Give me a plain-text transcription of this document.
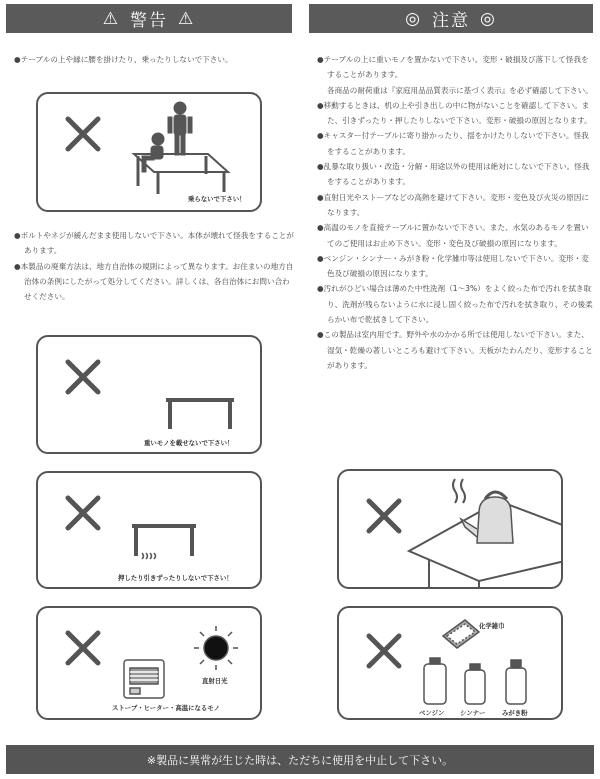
⚠ 警告 ⚠	◎ 注意 ◎

●テーブルの上や縁に腰を掛けたり、乗ったりしないで下さい。

乗らないで下さい！

●ボルトやネジが緩んだまま使用しないで下さい。本体が壊れて怪我をすることがあります。

●本製品の廃棄方法は、地方自治体の規則によって異なります。お住まいの地方自治体の条例にしたがって処分してください。詳しくは、各自治体にお問い合わせください。

重いモノを載せないで下さい！
押したり引きずったりしないで下さい！
直射日光
ストーブ・ヒーター・高温になるモノ

●テーブルの上に重いモノを置かないで下さい。変形・破損及び落下して怪我をすることがあります。

各商品の耐荷重は『家庭用品品質表示に基づく表示』を必ず確認して下さい。

●移動するときは、机の上や引き出しの中に物がないことを確認して下さい。また、引きずったり・押したりしないで下さい。変形・破損の原因となります。

●キャスター付テーブルに寄り掛かったり、揺をかけたりしないで下さい。怪我をすることがあります。

●乱暴な取り扱い・改造・分解・用途以外の使用は絶対にしないで下さい。怪我をすることがあります。

●直射日光やストーブなどの高熱を避けて下さい。変形・変色及び火災の原因になります。

●高温のモノを直接テーブルに置かないで下さい。また、水気のあるモノを置いてのご使用はお止め下さい。変形・変色及び破損の原因になります。

●ベンジン・シンナー・みがき粉・化学雑巾等は使用しないで下さい。変形・変色及び破損の原因になります。

●汚れがひどい場合は薄めた中性洗剤（1～3%）をよく絞った布で汚れを拭き取り、洗剤が残らないように水に浸し固く絞った布で汚れを拭き取り、その後柔らかい布で乾拭きして下さい。

●この製品は室内用です。野外や水のかかる所では使用しないで下さい。また、湿気・乾燥の著しいところも避けて下さい。天板がたわんだり、変形することがあります。

化学雑巾
ベンジン シンナー	みがき粉
※製品に異常が生じた時は、ただちに使用を中止して下さい。
